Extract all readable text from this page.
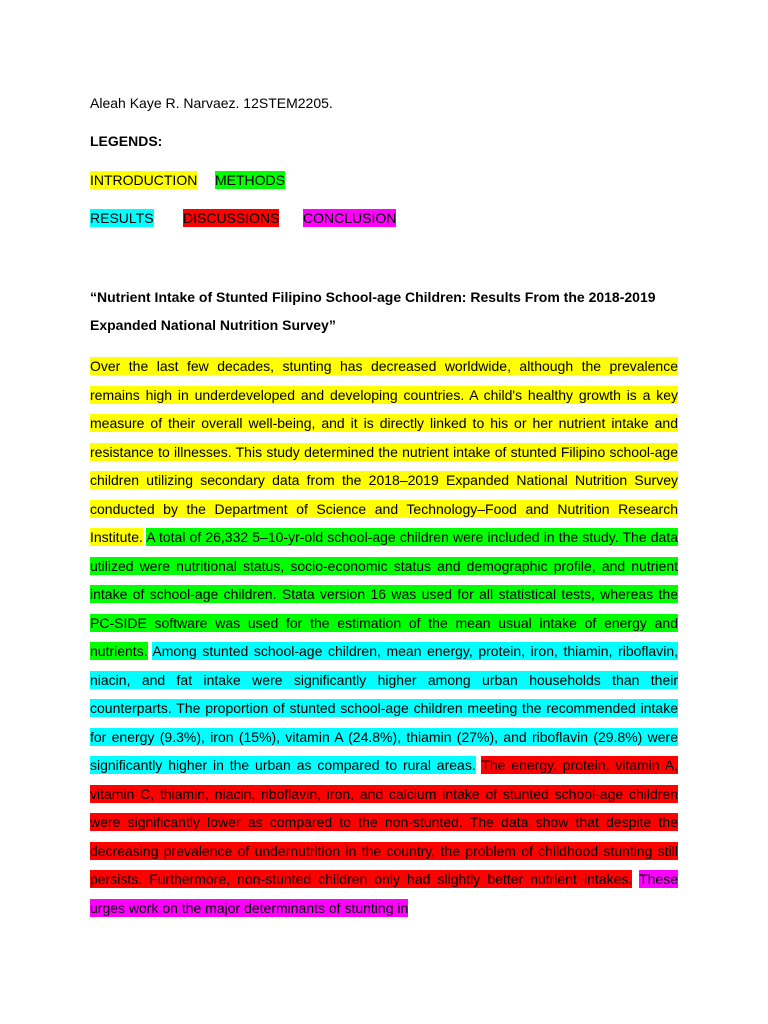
Aleah Kaye R. Narvaez. 12STEM2205.
LEGENDS:
INTRODUCTION METHODS
RESULTS DISCUSSIONS CONCLUSION
“Nutrient Intake of Stunted Filipino School-age Children: Results From the 2018-2019
Expanded National Nutrition Survey”
Over the last few decades, stunting has decreased worldwide, although the prevalence remains high in underdeveloped and developing countries. A child's healthy growth is a key measure of their overall well-being, and it is directly linked to his or her nutrient intake and resistance to illnesses. This study determined the nutrient intake of stunted Filipino school-age children utilizing secondary data from the 2018–2019 Expanded National Nutrition Survey conducted by the Department of Science and Technology–Food and Nutrition Research Institute. A total of 26,332 5–10-yr-old school-age children were included in the study. The data utilized were nutritional status, socio-economic status and demographic profile, and nutrient intake of school-age children. Stata version 16 was used for all statistical tests, whereas the PC-SIDE software was used for the estimation of the mean usual intake of energy and nutrients. Among stunted school-age children, mean energy, protein, iron, thiamin, riboflavin, niacin, and fat intake were significantly higher among urban households than their counterparts. The proportion of stunted school-age children meeting the recommended intake for energy (9.3%), iron (15%), vitamin A (24.8%), thiamin (27%), and riboflavin (29.8%) were significantly higher in the urban as compared to rural areas. The energy, protein, vitamin A, vitamin C, thiamin, niacin, riboflavin, iron, and calcium intake of stunted school-age children were significantly lower as compared to the non-stunted. The data show that despite the decreasing prevalence of undernutrition in the country, the problem of childhood stunting still persists. Furthermore, non-stunted children only had slightly better nutrient intakes. These urges work on the major determinants of stunting in
